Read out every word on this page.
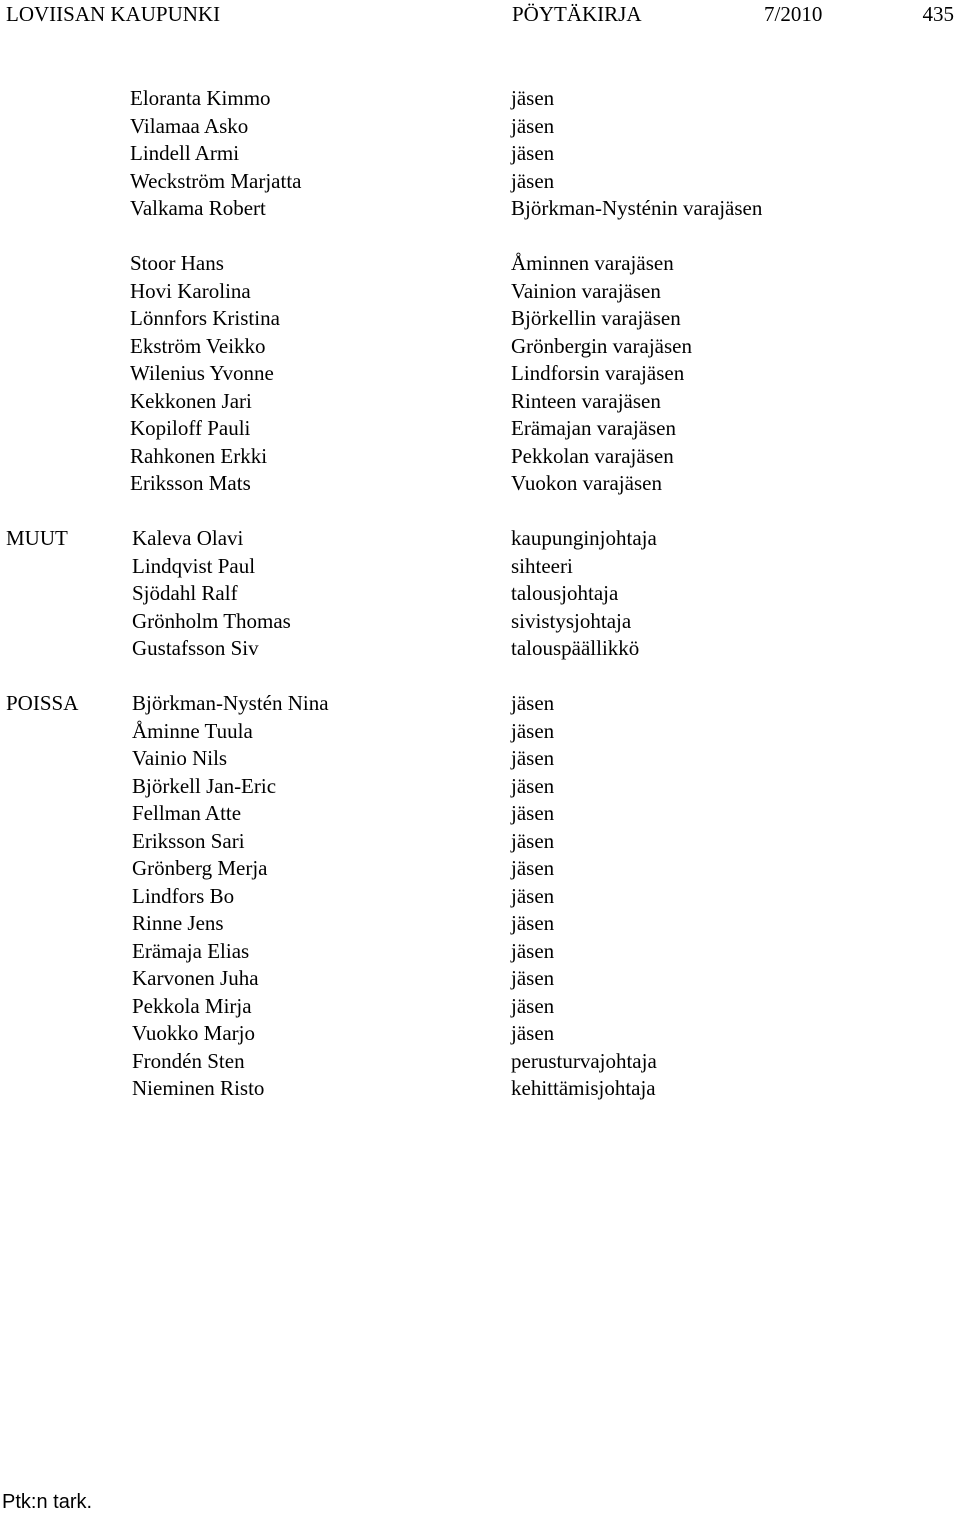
LOVIISAN KAUPUNKI	PÖYTÄKIRJA	7/2010	435
Eloranta Kimmo	jäsen
Vilamaa Asko	jäsen
Lindell Armi	jäsen
Weckström Marjatta	jäsen
Valkama Robert	Björkman-Nysténin varajäsen
Stoor Hans	Åminnen varajäsen
Hovi Karolina	Vainion varajäsen
Lönnfors Kristina	Björkellin varajäsen
Ekström Veikko	Grönbergin varajäsen
Wilenius Yvonne	Lindforsin varajäsen
Kekkonen Jari	Rinteen varajäsen
Kopiloff Pauli	Erämajan varajäsen
Rahkonen Erkki	Pekkolan varajäsen
Eriksson Mats	Vuokon varajäsen
MUUT	Kaleva Olavi	kaupunginjohtaja
Lindqvist Paul	sihteeri
Sjödahl Ralf	talousjohtaja
Grönholm Thomas	sivistysjohtaja
Gustafsson Siv	talouspäällikkö
POISSA	Björkman-Nystén Nina	jäsen
Åminne Tuula	jäsen
Vainio Nils	jäsen
Björkell Jan-Eric	jäsen
Fellman Atte	jäsen
Eriksson Sari	jäsen
Grönberg Merja	jäsen
Lindfors Bo	jäsen
Rinne Jens	jäsen
Erämaja Elias	jäsen
Karvonen Juha	jäsen
Pekkola Mirja	jäsen
Vuokko Marjo	jäsen
Frondén Sten	perusturvajohtaja
Nieminen Risto	kehittämisjohtaja
Ptk:n tark.
